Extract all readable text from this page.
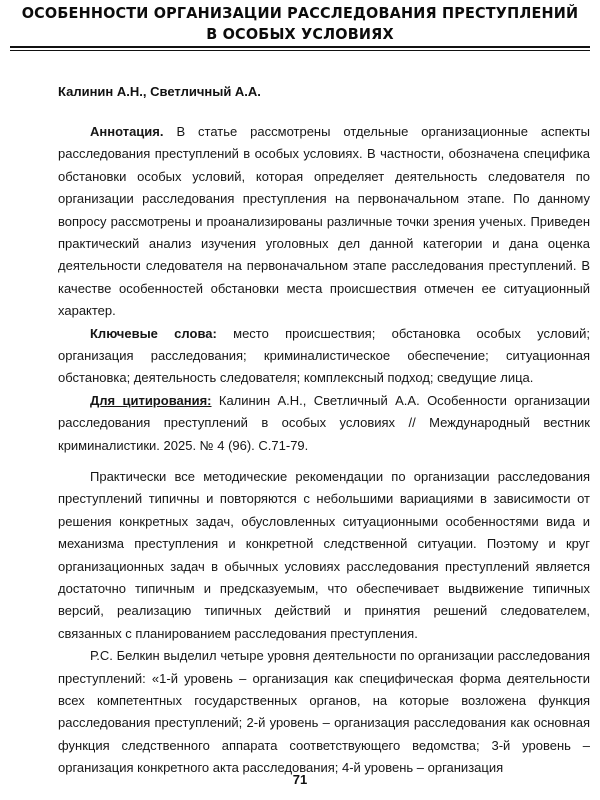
ОСОБЕННОСТИ ОРГАНИЗАЦИИ РАССЛЕДОВАНИЯ ПРЕСТУПЛЕНИЙ
В ОСОБЫХ УСЛОВИЯХ
Калинин А.Н., Светличный А.А.

Аннотация. В статье рассмотрены отдельные организационные аспекты расследования преступлений в особых условиях. В частности, обозначена специфика обстановки особых условий, которая определяет деятельность следователя по организации расследования преступления на первоначальном этапе. По данному вопросу рассмотрены и проанализированы различные точки зрения ученых. Приведен практический анализ изучения уголовных дел данной категории и дана оценка деятельности следователя на первоначальном этапе расследования преступлений. В качестве особенностей обстановки места происшествия отмечен ее ситуационный характер.

Ключевые слова: место происшествия; обстановка особых условий; организация расследования; криминалистическое обеспечение; ситуационная обстановка; деятельность следователя; комплексный подход; сведущие лица.

Для цитирования: Калинин А.Н., Светличный А.А. Особенности организации расследования преступлений в особых условиях // Международный вестник криминалистики. 2025. № 4 (96). С.71-79.

Практически все методические рекомендации по организации расследования преступлений типичны и повторяются с небольшими вариациями в зависимости от решения конкретных задач, обусловленных ситуационными особенностями вида и механизма преступления и конкретной следственной ситуации. Поэтому и круг организационных задач в обычных условиях расследования преступлений является достаточно типичным и предсказуемым, что обеспечивает выдвижение типичных версий, реализацию типичных действий и принятия решений следователем, связанных с планированием расследования преступления.

Р.С. Белкин выделил четыре уровня деятельности по организации расследования преступлений: «1-й уровень – организация как специфическая форма деятельности всех компетентных государственных органов, на которые возложена функция расследования преступлений; 2-й уровень – организация расследования как основная функция следственного аппарата соответствующего ведомства; 3-й уровень – организация конкретного акта расследования; 4-й уровень – организация

71
